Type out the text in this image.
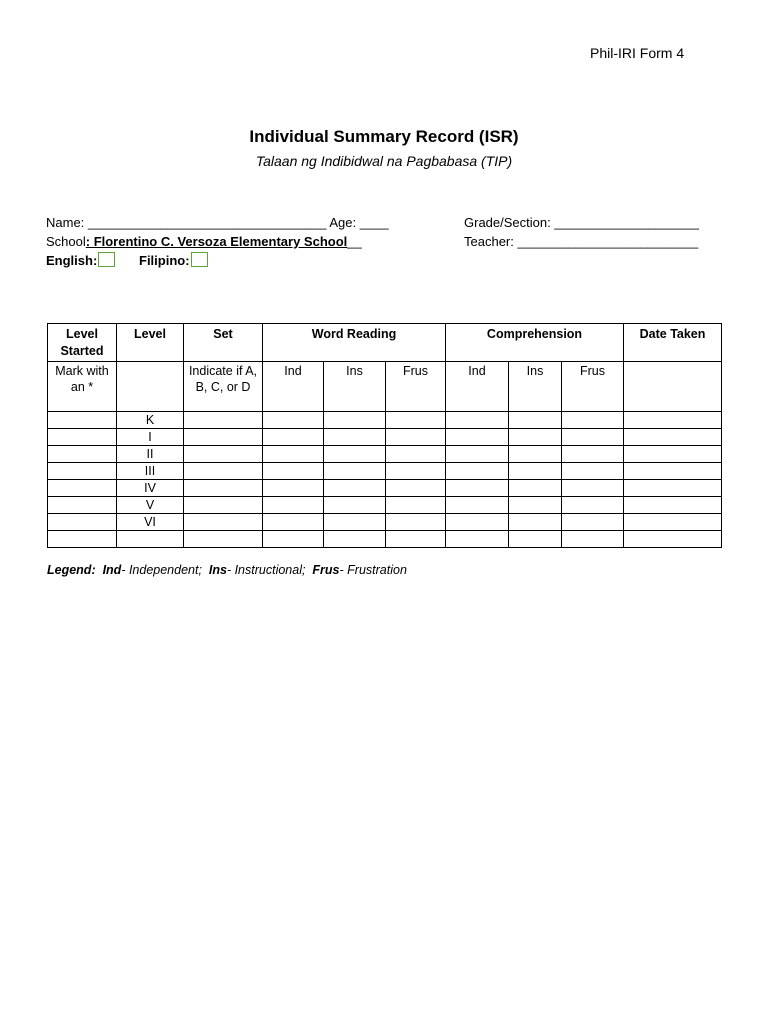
Phil-IRI Form 4
Individual Summary Record (ISR)
Talaan ng Indibidwal na Pagbabasa (TIP)
Name: _________________________________ Age: ____	Grade/Section: ____________________
School: Florentino C. Versoza Elementary School__	Teacher: _________________________
English:	Filipino:
Level Started	Level	Set	Word Reading			Comprehension			Date Taken
Mark with an *		Indicate if A, B, C, or D	Ind	Ins	Frus	Ind	Ins	Frus	
	K								
	I								
	II								
	III								
	IV								
	V								
	VI								

Legend: Ind- Independent; Ins- Instructional; Frus- Frustration
